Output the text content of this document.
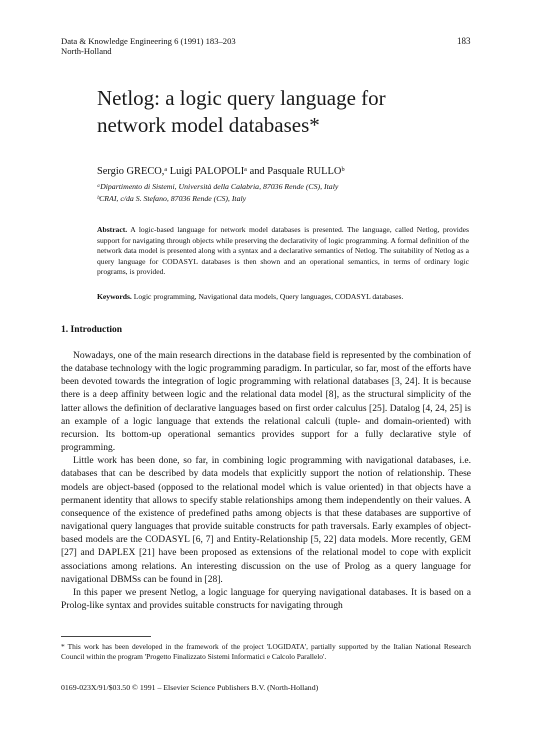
Data & Knowledge Engineering 6 (1991) 183–203
North-Holland
183
Netlog: a logic query language for
network model databases*
Sergio GRECO,ᵃ Luigi PALOPOLIᵃ and Pasquale RULLOᵇ
ᵃDipartimento di Sistemi, Università della Calabria, 87036 Rende (CS), Italy
ᵇCRAI, c/da S. Stefano, 87036 Rende (CS), Italy
Abstract. A logic-based language for network model databases is presented. The language, called Netlog, provides support for navigating through objects while preserving the declarativity of logic programming. A formal definition of the network data model is presented along with a syntax and a declarative semantics of Netlog. The suitability of Netlog as a query language for CODASYL databases is then shown and an operational semantics, in terms of ordinary logic programs, is provided.
Keywords. Logic programming, Navigational data models, Query languages, CODASYL databases.
1. Introduction

Nowadays, one of the main research directions in the database field is represented by the combination of the database technology with the logic programming paradigm. In particular, so far, most of the efforts have been devoted towards the integration of logic programming with relational databases [3, 24]. It is because there is a deep affinity between logic and the relational data model [8], as the structural simplicity of the latter allows the definition of declarative languages based on first order calculus [25]. Datalog [4, 24, 25] is an example of a logic language that extends the relational calculi (tuple- and domain-oriented) with recursion. Its bottom-up operational semantics provides support for a fully declarative style of programming.

Little work has been done, so far, in combining logic programming with navigational databases, i.e. databases that can be described by data models that explicitly support the notion of relationship. These models are object-based (opposed to the relational model which is value oriented) in that objects have a permanent identity that allows to specify stable relationships among them independently on their values. A consequence of the existence of predefined paths among objects is that these databases are supportive of navigational query languages that provide suitable constructs for path traversals. Early examples of object-based models are the CODASYL [6, 7] and Entity-Relationship [5, 22] data models. More recently, GEM [27] and DAPLEX [21] have been proposed as extensions of the relational model to cope with explicit associations among relations. An interesting discussion on the use of Prolog as a query language for navigational DBMSs can be found in [28].

In this paper we present Netlog, a logic language for querying navigational databases. It is based on a Prolog-like syntax and provides suitable constructs for navigating through

* This work has been developed in the framework of the project 'LOGIDATA', partially supported by the Italian National Research Council within the program 'Progetto Finalizzato Sistemi Informatici e Calcolo Parallelo'.
0169-023X/91/$03.50 © 1991 – Elsevier Science Publishers B.V. (North-Holland)
